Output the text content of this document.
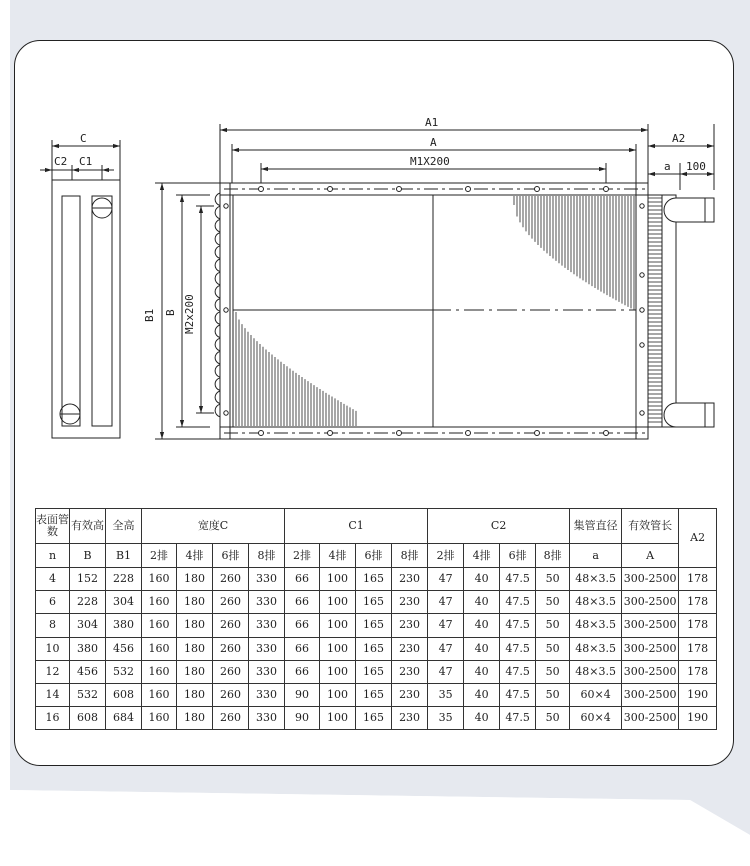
C
C2 C1
A1
A
M1X200
A2
a 100
B1 B M2x200
表面管数	有效高	全高	宽度C				C1				C2				集管直径	有效管长	A2
n	B	B1	2排	4排	6排	8排	2排	4排	6排	8排	2排	4排	6排	8排	a	A	
4	152	228	160	180	260	330	66	100	165	230	47	40	47.5	50	48×3.5	300-2500	178
6	228	304	160	180	260	330	66	100	165	230	47	40	47.5	50	48×3.5	300-2500	178
8	304	380	160	180	260	330	66	100	165	230	47	40	47.5	50	48×3.5	300-2500	178
10	380	456	160	180	260	330	66	100	165	230	47	40	47.5	50	48×3.5	300-2500	178
12	456	532	160	180	260	330	66	100	165	230	47	40	47.5	50	48×3.5	300-2500	178
14	532	608	160	180	260	330	90	100	165	230	35	40	47.5	50	60×4	300-2500	190
16	608	684	160	180	260	330	90	100	165	230	35	40	47.5	50	60×4	300-2500	190
